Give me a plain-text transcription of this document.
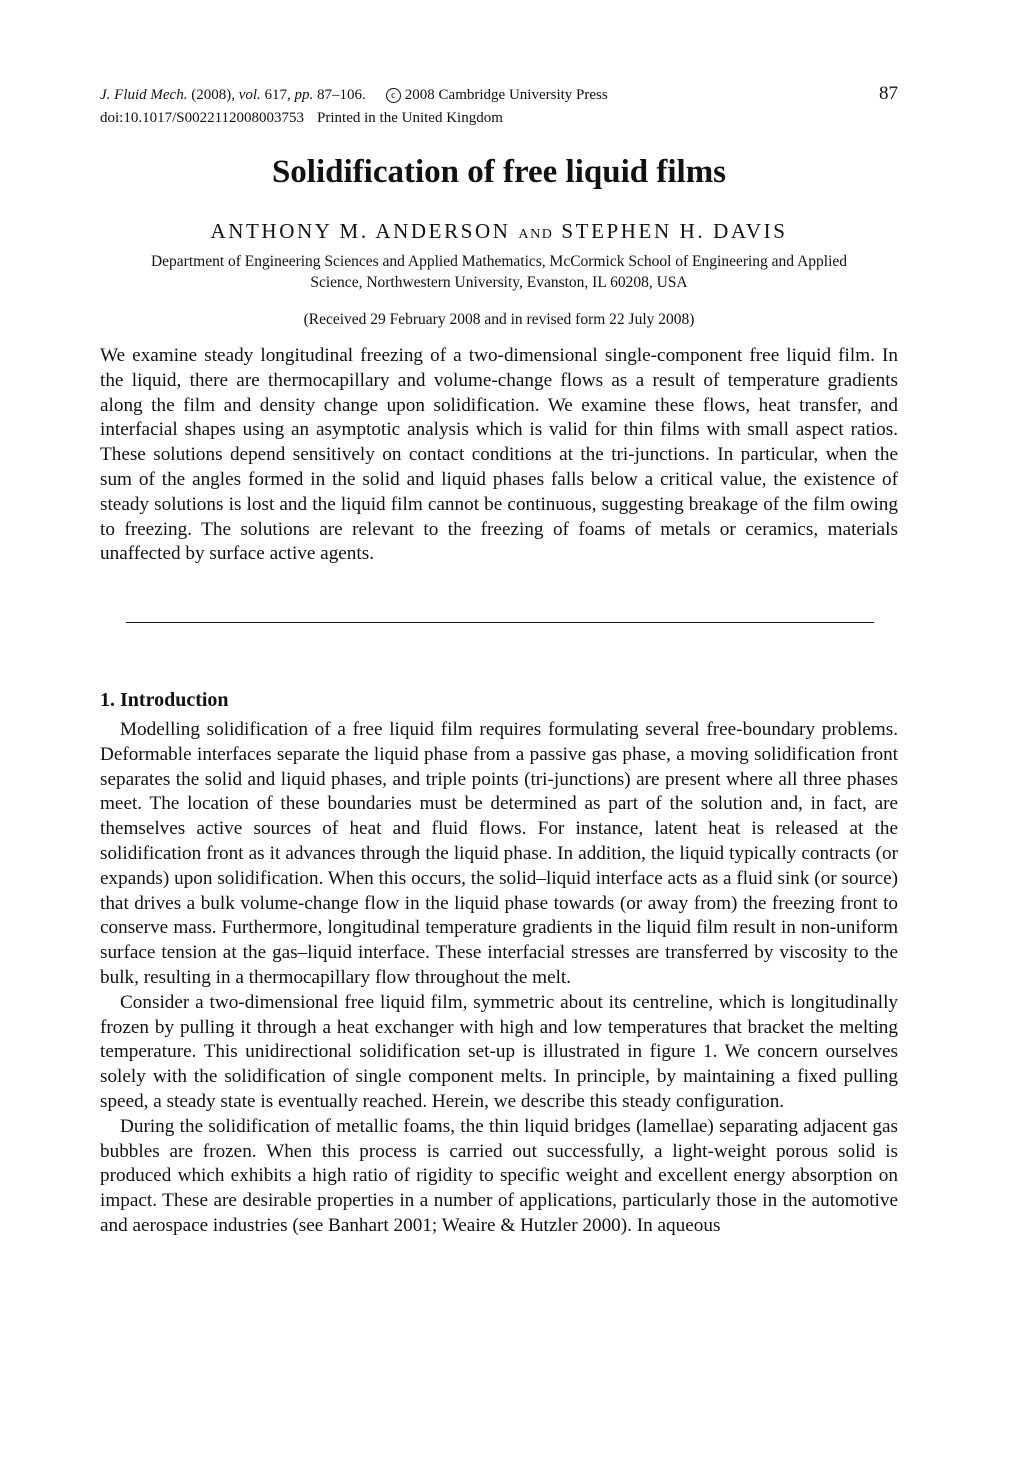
J. Fluid Mech. (2008), vol. 617, pp. 87–106.	c 2008 Cambridge University Press
doi:10.1017/S0022112008003753 Printed in the United Kingdom
87
Solidification of free liquid films
ANTHONY M. ANDERSON AND STEPHEN H. DAVIS
Department of Engineering Sciences and Applied Mathematics, McCormick School of Engineering and Applied Science, Northwestern University, Evanston, IL 60208, USA
(Received 29 February 2008 and in revised form 22 July 2008)

We examine steady longitudinal freezing of a two-dimensional single-component free liquid film. In the liquid, there are thermocapillary and volume-change flows as a result of temperature gradients along the film and density change upon solidification. We examine these flows, heat transfer, and interfacial shapes using an asymptotic analysis which is valid for thin films with small aspect ratios. These solutions depend sensitively on contact conditions at the tri-junctions. In particular, when the sum of the angles formed in the solid and liquid phases falls below a critical value, the existence of steady solutions is lost and the liquid film cannot be continuous, suggesting breakage of the film owing to freezing. The solutions are relevant to the freezing of foams of metals or ceramics, materials unaffected by surface active agents.

1. Introduction

Modelling solidification of a free liquid film requires formulating several free-boundary problems. Deformable interfaces separate the liquid phase from a passive gas phase, a moving solidification front separates the solid and liquid phases, and triple points (tri-junctions) are present where all three phases meet. The location of these boundaries must be determined as part of the solution and, in fact, are themselves active sources of heat and fluid flows. For instance, latent heat is released at the solidification front as it advances through the liquid phase. In addition, the liquid typically contracts (or expands) upon solidification. When this occurs, the solid–liquid interface acts as a fluid sink (or source) that drives a bulk volume-change flow in the liquid phase towards (or away from) the freezing front to conserve mass. Furthermore, longitudinal temperature gradients in the liquid film result in non-uniform surface tension at the gas–liquid interface. These interfacial stresses are transferred by viscosity to the bulk, resulting in a thermocapillary flow throughout the melt.

Consider a two-dimensional free liquid film, symmetric about its centreline, which is longitudinally frozen by pulling it through a heat exchanger with high and low temperatures that bracket the melting temperature. This unidirectional solidification set-up is illustrated in figure 1. We concern ourselves solely with the solidification of single component melts. In principle, by maintaining a fixed pulling speed, a steady state is eventually reached. Herein, we describe this steady configuration.

During the solidification of metallic foams, the thin liquid bridges (lamellae) separating adjacent gas bubbles are frozen. When this process is carried out successfully, a light-weight porous solid is produced which exhibits a high ratio of rigidity to specific weight and excellent energy absorption on impact. These are desirable properties in a number of applications, particularly those in the automotive and aerospace industries (see Banhart 2001; Weaire & Hutzler 2000). In aqueous
